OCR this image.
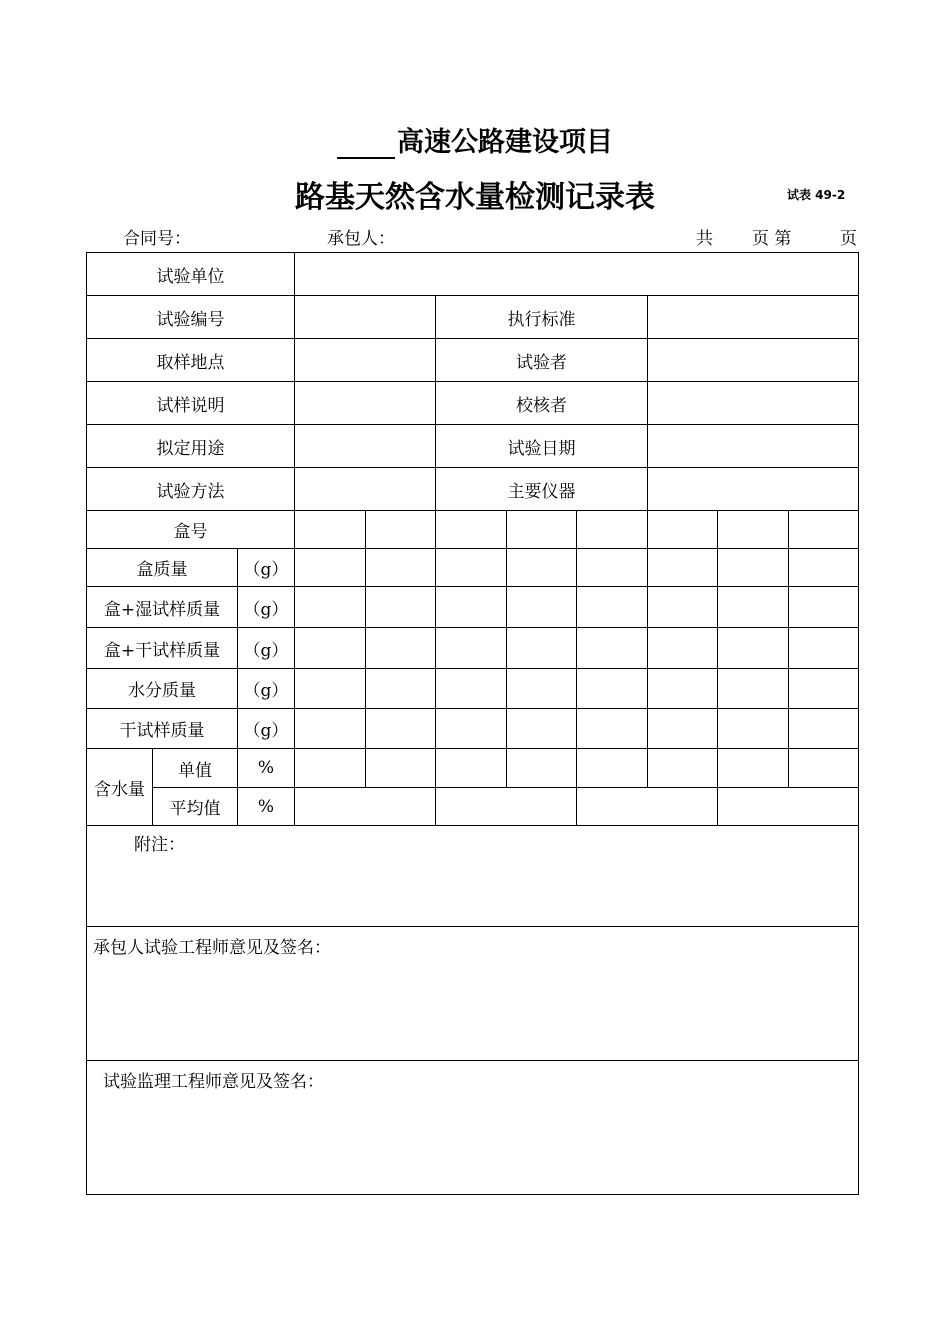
高速公路建设项目
路基天然含水量检测记录表	试表 49-2
合同号：	承包人：	共 页 第	页
试验单位										
试验编号					执行标准					
取样地点					试验者					
试样说明					校核者					
拟定用途					试验日期					
试验方法					主要仪器					
盒号										
盒质量		（g）								
盒+湿试样质量		（g）								
盒+干试样质量		（g）								
水分质量		（g）								
干试样质量		（g）								
含水量	单值	%								
	平均值	%								

附注：										

承包人试验工程师意见及签名：										

试验监理工程师意见及签名：										
